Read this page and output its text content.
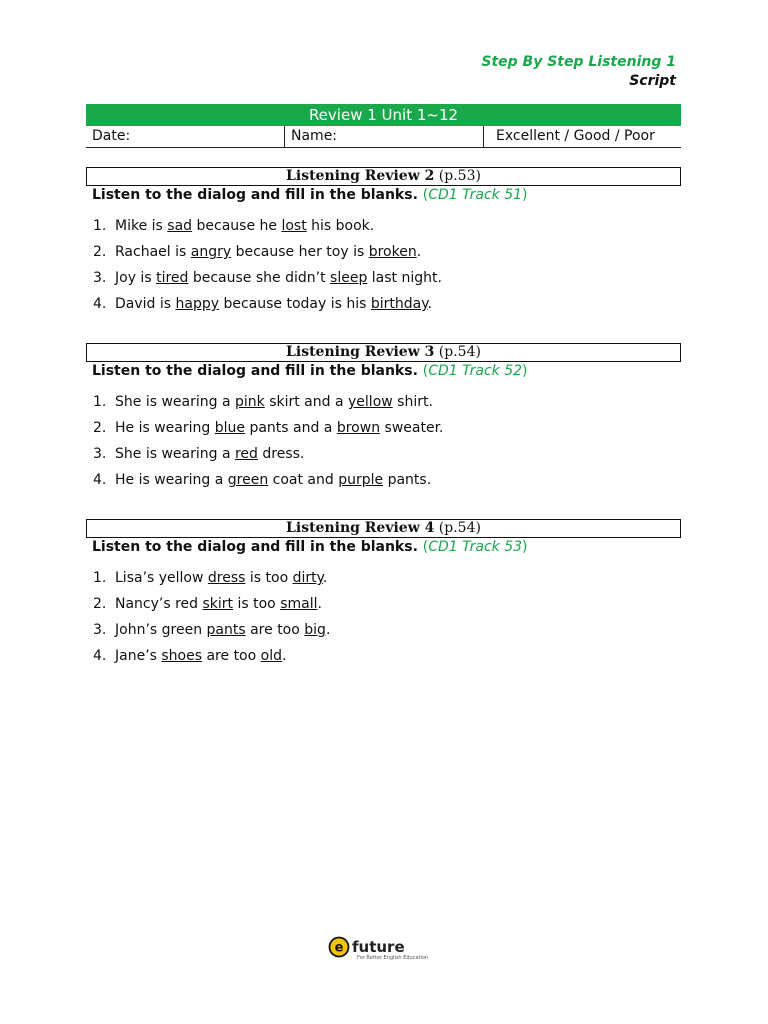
Step By Step Listening 1
Script
Review 1 Unit 1~12
Date:	Name:	Excellent / Good / Poor
Listening Review 2 (p.53)
Listen to the dialog and fill in the blanks. (CD1 Track 51)
1. Mike is sad because he lost his book.
2. Rachael is angry because her toy is broken.
3. Joy is tired because she didn’t sleep last night.
4. David is happy because today is his birthday.
Listening Review 3 (p.54)
Listen to the dialog and fill in the blanks. (CD1 Track 52)
1. She is wearing a pink skirt and a yellow shirt.
2. He is wearing blue pants and a brown sweater.
3. She is wearing a red dress.
4. He is wearing a green coat and purple pants.
Listening Review 4 (p.54)
Listen to the dialog and fill in the blanks. (CD1 Track 53)
1. Lisa’s yellow dress is too dirty.
2. Nancy’s red skirt is too small.
3. John’s green pants are too big.
4. Jane’s shoes are too old.
e future
For Better English Education
